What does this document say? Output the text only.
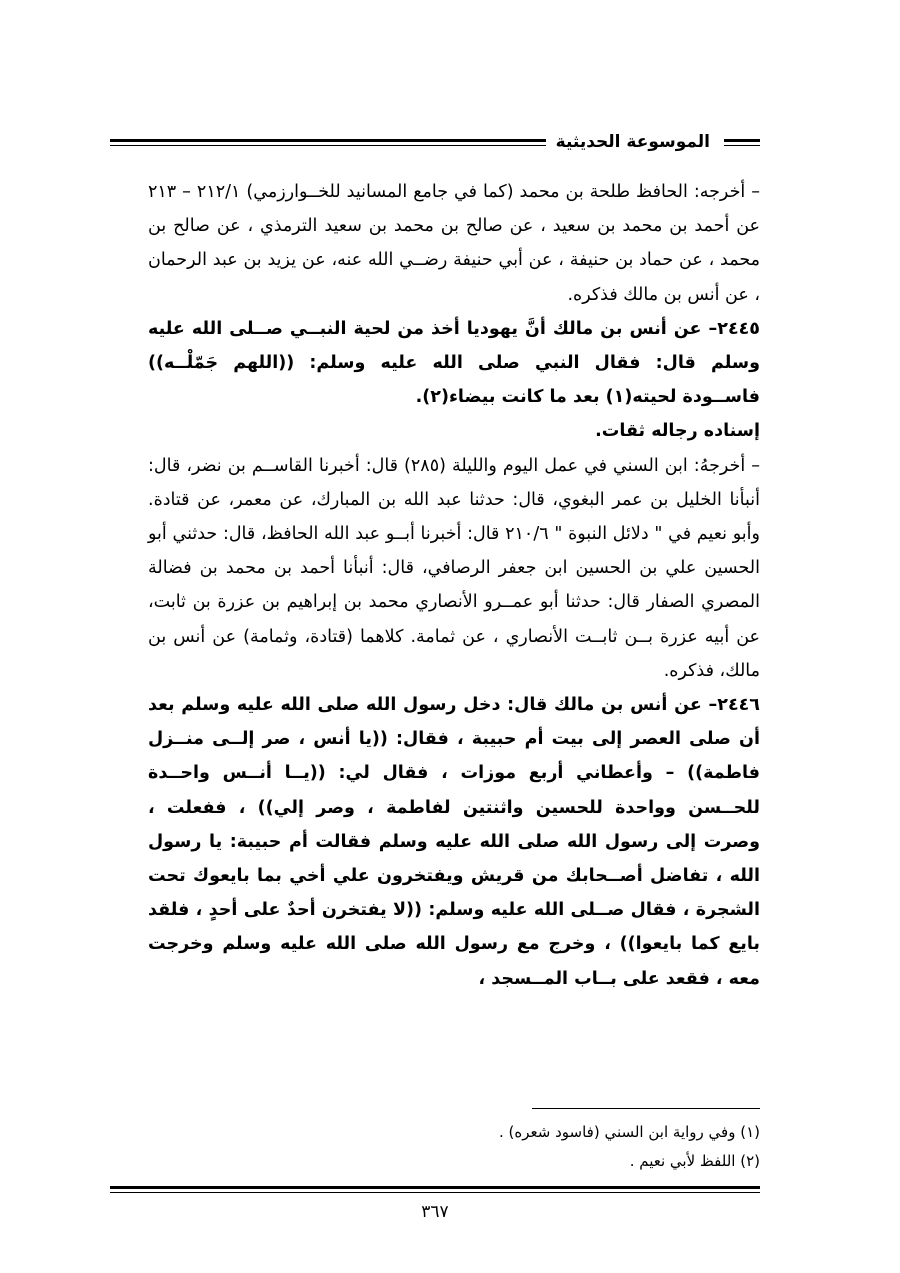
الموسوعة الحديثية

– أخرجه: الحافظ طلحة بن محمد (كما في جامع المسانيد للخــوارزمي) ٢١٢/١ – ٢١٣ عن أحمد بن محمد بن سعيد ، عن صالح بن محمد بن سعيد الترمذي ، عن صالح بن محمد ، عن حماد بن حنيفة ، عن أبي حنيفة رضــي الله عنه، عن يزيد بن عبد الرحمان ، عن أنس بن مالك فذكره.

٢٤٤٥– عن أنس بن مالك أنَّ يهوديا أخذ من لحية النبــي صــلى الله عليه وسلم قال: فقال النبي صلى الله عليه وسلم: ((اللهم جَمّلْــه)) فاســودة لحيته(١) بعد ما كانت بيضاء(٢).

إسناده رجاله ثقات.

– أخرجهُ: ابن السني في عمل اليوم والليلة (٢٨٥) قال: أخبرنا القاســم بن نضر، قال: أنبأنا الخليل بن عمر البغوي، قال: حدثنا عبد الله بن المبارك، عن معمر، عن قتادة. وأبو نعيم في " دلائل النبوة " ٢١٠/٦ قال: أخبرنا أبــو عبد الله الحافظ، قال: حدثني أبو الحسين علي بن الحسين ابن جعفر الرصافي، قال: أنبأنا أحمد بن محمد بن فضالة المصري الصفار قال: حدثنا أبو عمــرو الأنصاري محمد بن إبراهيم بن عزرة بن ثابت، عن أبيه عزرة بــن ثابــت الأنصاري ، عن ثمامة. كلاهما (قتادة، وثمامة) عن أنس بن مالك، فذكره.

٢٤٤٦– عن أنس بن مالك قال: دخل رسول الله صلى الله عليه وسلم بعد أن صلى العصر إلى بيت أم حبيبة ، فقال: ((يا أنس ، صر إلــى منــزل فاطمة)) – وأعطاني أربع موزات ، فقال لي: ((يــا أنــس واحــدة للحــسن وواحدة للحسين واثنتين لفاطمة ، وصر إلي)) ، ففعلت ، وصرت إلى رسول الله صلى الله عليه وسلم فقالت أم حبيبة: يا رسول الله ، تفاضل أصــحابك من قريش ويفتخرون علي أخي بما بايعوك تحت الشجرة ، فقال صــلى الله عليه وسلم: ((لا يفتخرن أحدٌ على أحدٍ ، فلقد بايع كما بايعوا)) ، وخرج مع رسول الله صلى الله عليه وسلم وخرجت معه ، فقعد على بــاب المــسجد ،

(١) وفي رواية ابن السني (فاسود شعره) .
(٢) اللفظ لأبي نعيم .
٣٦٧
